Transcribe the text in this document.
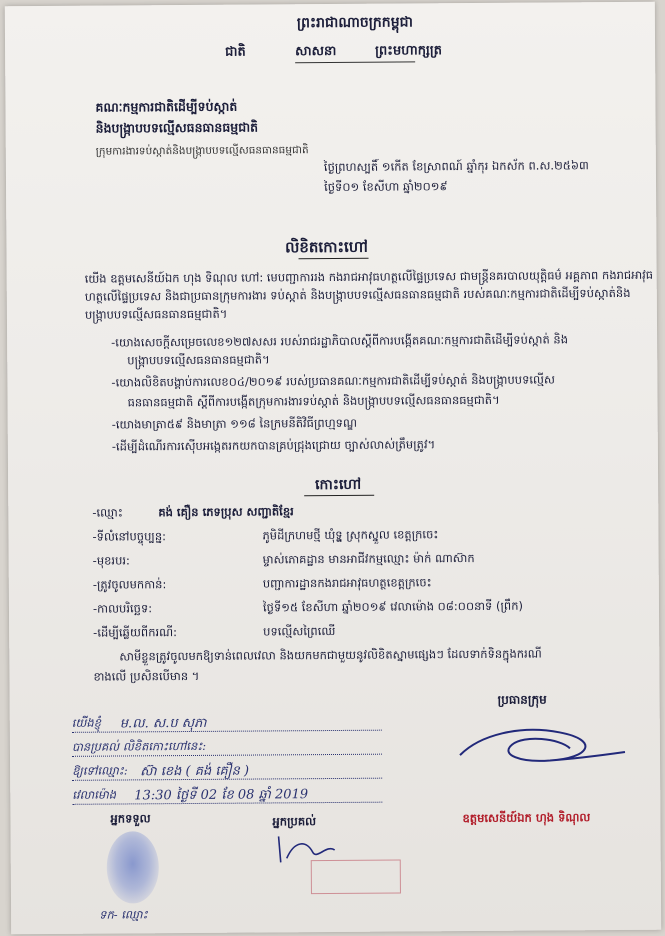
ព្រះរាជាណាចក្រកម្ពុជា
ជាតិ	សាសនា	ព្រះមហាក្សត្រ
គណៈកម្មការជាតិដើម្បីទប់ស្កាត់
និងបង្ក្រាបបទល្មើសធនធានធម្មជាតិ
ក្រុមការងារទប់ស្កាត់និងបង្ក្រាបបទល្មើសធនធានធម្មជាតិ
ថ្ងៃព្រហស្បតិ៍ ១កើត ខែស្រាពណ៍ ឆ្នាំកុរ ឯកស័ក ព.ស.២៥៦៣
ថ្ងៃទី០១ ខែសីហា ឆ្នាំ២០១៩
លិខិតកោះហៅ
យើង ឧត្តមសេនីយ៍ឯក ហុង ទិណុល ហៅ: មេបញ្ជាការរង កងរាជអាវុធហត្ថលើផ្ទៃប្រទេស ជាមន្ត្រីនគរបាលយុត្តិធម៌ អគ្គភាព កងរាជអាវុធហត្ថលើផ្ទៃប្រទេស និងជាប្រធានក្រុមការងារ ទប់ស្កាត់ និងបង្ក្រាបបទល្មើសធនធានធម្មជាតិ របស់គណៈកម្មការជាតិដើម្បីទប់ស្កាត់និងបង្ក្រាបបទល្មើសធនធានធម្មជាតិ។
-យោងសេចក្ដីសម្រេចលេខ១២៧សសរ របស់រាជរដ្ឋាភិបាលស្ដីពីការបង្កើតគណៈកម្មការជាតិដើម្បីទប់ស្កាត់ និង
បង្ក្រាបបទល្មើសធនធានធម្មជាតិ។
-យោងលិខិតបង្គាប់ការលេខ០៤/២០១៩ របស់ប្រធានគណៈកម្មការជាតិដើម្បីទប់ស្កាត់ និងបង្ក្រាបបទល្មើស
ធនធានធម្មជាតិ ស្ដីពីការបង្កើតក្រុមការងារទប់ស្កាត់ និងបង្ក្រាបបទល្មើសធនធានធម្មជាតិ។
-យោងមាត្រា៥៩ និងមាត្រា ១១៨ នៃក្រមនីតិវិធីព្រហ្មទណ្ឌ
-ដើម្បីដំណើរការស៊ើបអង្កេតរកយកបានគ្រប់ជ្រុងជ្រោយ ច្បាស់លាស់ត្រឹមត្រូវ។
កោះហៅ
-ឈ្មោះ	គង់ គឿន ភេទប្រុស សញ្ជាតិខ្មែរ
-ទីលំនៅបច្ចុប្បន្ន:	ភូមិដីក្រហមថ្មី ឃុំទ្ន្ហ ស្រុកស្នួល ខេត្តក្រចេះ
-មុខរបរ:	ម្ចាស់ភោគដ្ឋាន មានអាជីវកម្មឈ្មោះ ម៉ាក់ ណាស៊ាក
-ត្រូវចូលមកកាន់:	បញ្ជាការដ្ឋានកងរាជអាវុធហត្ថខេត្តក្រចេះ
-កាលបរិច្ឆេទ:	ថ្ងៃទី១៥ ខែសីហា ឆ្នាំ២០១៩ វេលាម៉ោង ០៨:០០នាទី (ព្រឹក)
-ដើម្បីឆ្លើយពីករណី:	បទល្មើសព្រៃឈើ
សាមីខ្លួនត្រូវចូលមកឱ្យទាន់ពេលវេលា និងយកមកជាមួយនូវលិខិតស្នាមផ្សេងៗ ដែលទាក់ទិនក្នុងករណី
ខាងលើ ប្រសិនបើមាន ។
ប្រធានក្រុម
យើងខ្ញុំ ម.ល. ស.ប សុភា
បានប្រគល់ លិខិតកោះហៅនេះ:
ឱ្យទៅឈ្មោះ: ស៊ា ខេង ( គង់ គឿន )
វេលាម៉ោង 13:30 ថ្ងៃទី 02 ខែ 08 ឆ្នាំ 2019
អ្នកទទួល	អ្នកប្រគល់	ឧត្តមសេនីយ៍ឯក ហុង ទិណុល
ទក- ឈ្មោះ
